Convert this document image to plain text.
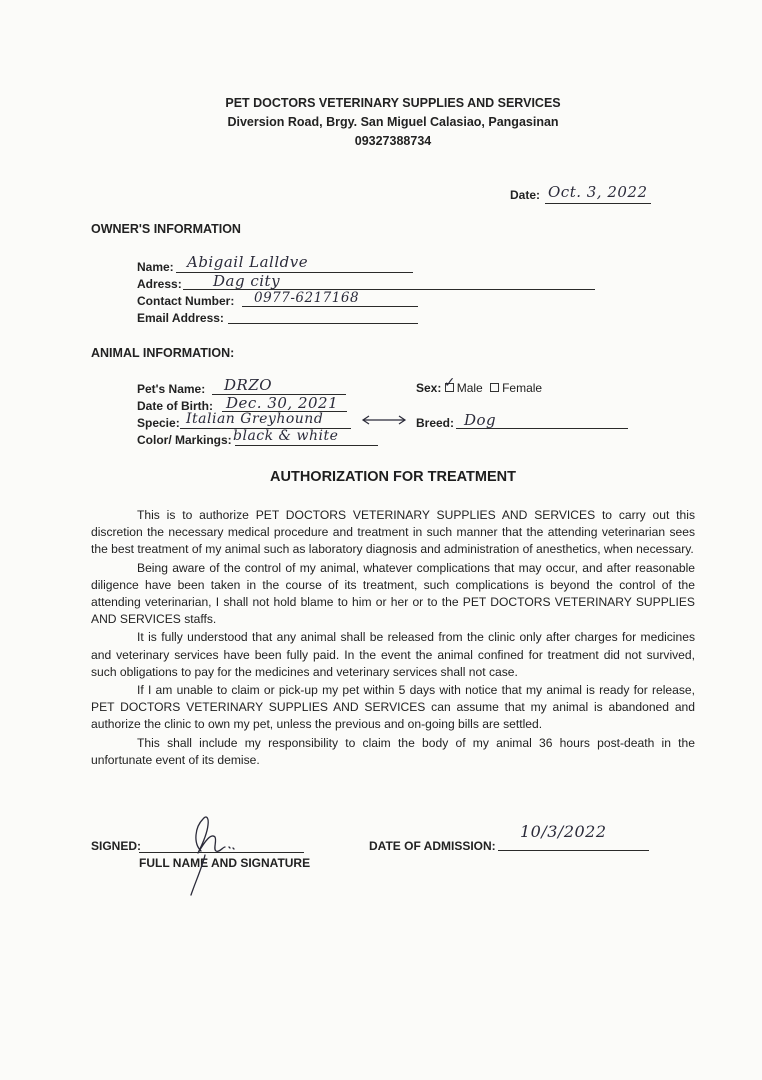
PET DOCTORS VETERINARY SUPPLIES AND SERVICES
Diversion Road, Brgy. San Miguel Calasiao, Pangasinan
09327388734
Date: Oct. 3, 2022
OWNER'S INFORMATION
Name: Abigail Lalldve
Adress: Dag city
Contact Number: 0977-6217168
Email Address:
ANIMAL INFORMATION:
Pet's Name: DRZO
Date of Birth: Dec. 30, 2021
Specie: Italian Greyhound
Color/ Markings: black & white
Sex: ✓ Male Female
Breed: Dog
AUTHORIZATION FOR TREATMENT

This is to authorize PET DOCTORS VETERINARY SUPPLIES AND SERVICES to carry out this discretion the necessary medical procedure and treatment in such manner that the attending veterinarian sees the best treatment of my animal such as laboratory diagnosis and administration of anesthetics, when necessary.

Being aware of the control of my animal, whatever complications that may occur, and after reasonable diligence have been taken in the course of its treatment, such complications is beyond the control of the attending veterinarian, I shall not hold blame to him or her or to the PET DOCTORS VETERINARY SUPPLIES AND SERVICES staffs.

It is fully understood that any animal shall be released from the clinic only after charges for medicines and veterinary services have been fully paid. In the event the animal confined for treatment did not survived, such obligations to pay for the medicines and veterinary services shall not case.

If I am unable to claim or pick-up my pet within 5 days with notice that my animal is ready for release, PET DOCTORS VETERINARY SUPPLIES AND SERVICES can assume that my animal is abandoned and authorize the clinic to own my pet, unless the previous and on-going bills are settled.

This shall include my responsibility to claim the body of my animal 36 hours post-death in the unfortunate event of its demise.

SIGNED:
FULL NAME AND SIGNATURE
DATE OF ADMISSION:
10/3/2022
